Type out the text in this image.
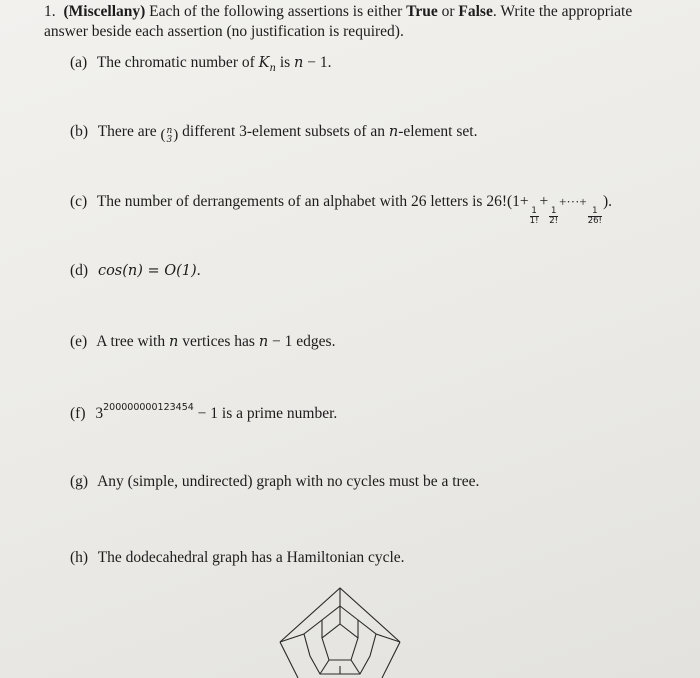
1. (Miscellany) Each of the following assertions is either True or False. Write the appropriate
answer beside each assertion (no justification is required).
(a) The chromatic number of $K_n$ is n − 1.
(b) There are ( n
3 ) different 3-element subsets of an n-element set.
(c) The number of derrangements of an alphabet with 26 letters is 26!(1+
$\frac{1}{1!}$
+
$\frac{1}{2!}$
+···+
$\frac{1}{26!}$
).
(d) cos(n) = O(1).
(e) A tree with n vertices has n − 1 edges.
(f) $3^{200000000123454} - 1$ is a prime number.
(g) Any (simple, undirected) graph with no cycles must be a tree.
(h) The dodecahedral graph has a Hamiltonian cycle.
